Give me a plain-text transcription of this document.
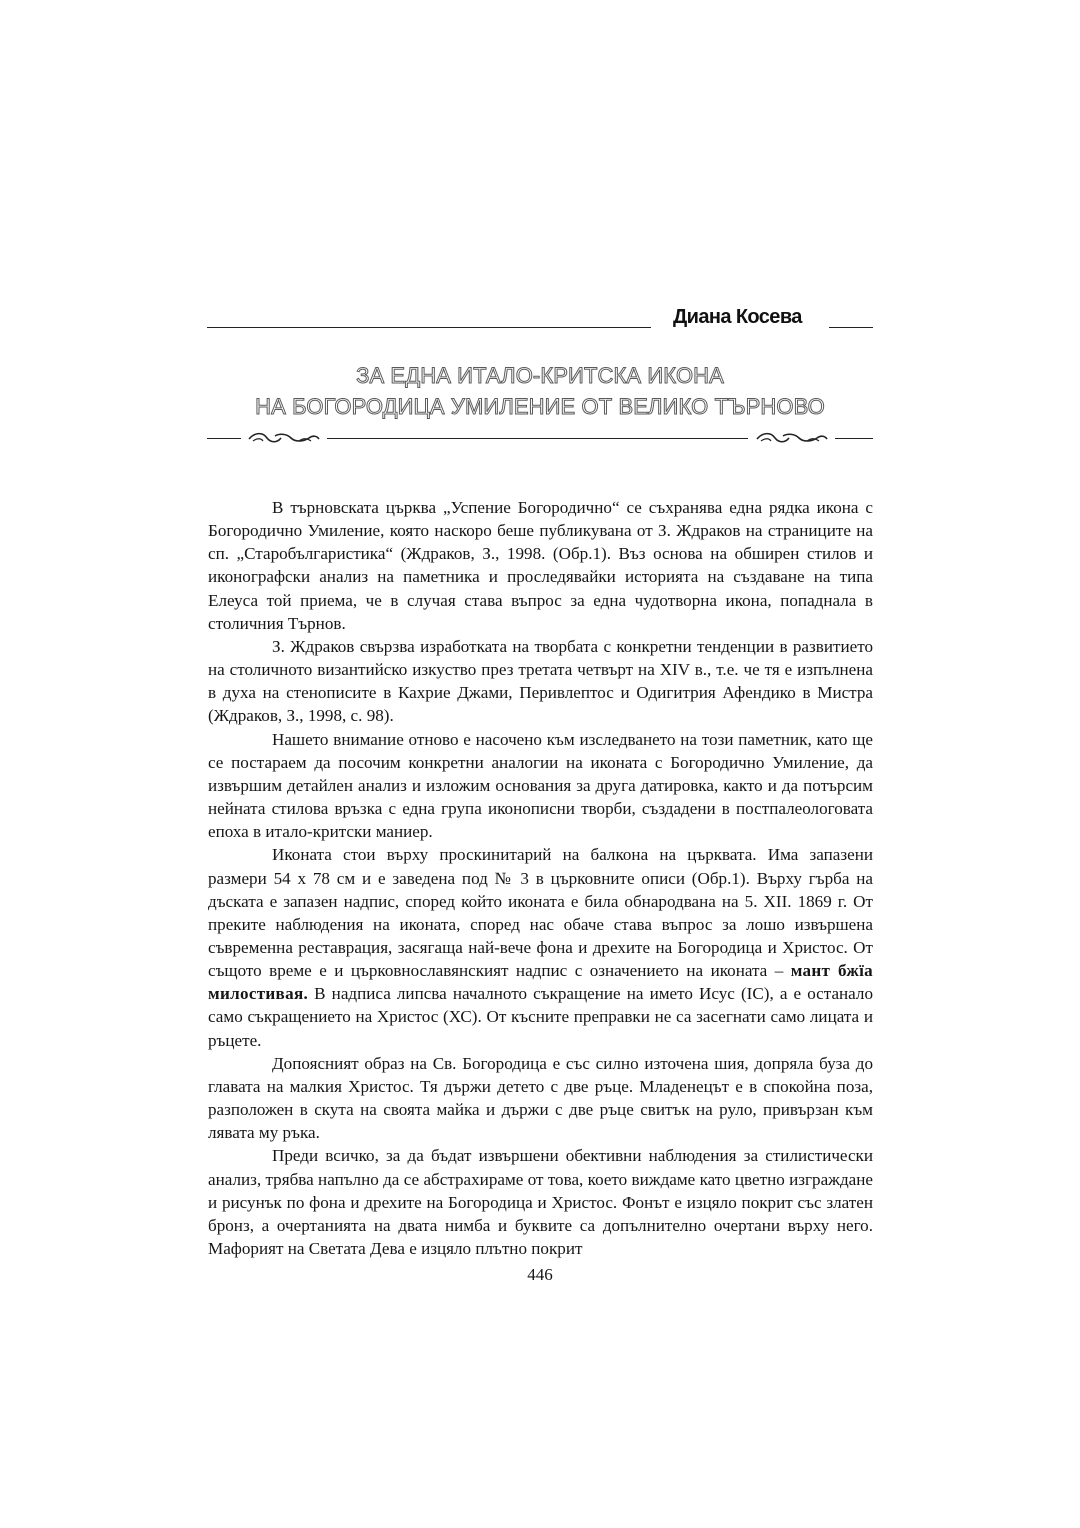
Диана Косева
ЗА ЕДНА ИТАЛО-КРИТСКА ИКОНА
НА БОГОРОДИЦА УМИЛЕНИЕ ОТ ВЕЛИКО ТЪРНОВО

В търновската църква „Успение Богородично“ се съхранява една рядка икона с Богородично Умиление, която наскоро беше публикувана от З. Ждраков на страниците на сп. „Старобългаристика“ (Ждраков, З., 1998. (Обр.1). Въз основа на обширен стилов и иконографски анализ на паметника и проследявайки историята на създаване на типа Елеуса той приема, че в случая става въпрос за една чудотворна икона, попаднала в столичния Търнов.

З. Ждраков свързва изработката на творбата с конкретни тенденции в развитието на столичното византийско изкуство през третата четвърт на XIV в., т.е. че тя е изпълнена в духа на стенописите в Кахрие Джами, Перивлептос и Одигитрия Афендико в Мистра (Ждраков, З., 1998, с. 98).

Нашето внимание отново е насочено към изследването на този паметник, като ще се постараем да посочим конкретни аналогии на иконата с Богородично Умиление, да извършим детайлен анализ и изложим основания за друга датировка, както и да потърсим нейната стилова връзка с една група иконописни творби, създадени в постпалеологовата епоха в итало-критски маниер.

Иконата стои върху проскинитарий на балкона на църквата. Има запазени размери 54 х 78 см и е заведена под № 3 в църковните описи (Обр.1). Върху гърба на дъската е запазен надпис, според който иконата е била обнародвана на 5. XII. 1869 г. От преките наблюдения на иконата, според нас обаче става въпрос за лошо извършена съвременна реставрация, засягаща най-вече фона и дрехите на Богородица и Христос. От същото време е и църковнославянският надпис с означението на иконата – мант бжїа милостивая. В надписа липсва началното съкращение на името Исус (IC), а е останало само съкращението на Христос (ХС). От късните преправки не са засегнати само лицата и ръцете.

Допоясният образ на Св. Богородица е със силно източена шия, допряла буза до главата на малкия Христос. Тя държи детето с две ръце. Младенецът е в спокойна поза, разположен в скута на своята майка и държи с две ръце свитък на руло, привързан към лявата му ръка.

Преди всичко, за да бъдат извършени обективни наблюдения за стилистически анализ, трябва напълно да се абстрахираме от това, което виждаме като цветно изграждане и рисунък по фона и дрехите на Богородица и Христос. Фонът е изцяло покрит със златен бронз, а очертанията на двата нимба и буквите са допълнително очертани върху него. Мафорият на Светата Дева е изцяло плътно покрит

446
